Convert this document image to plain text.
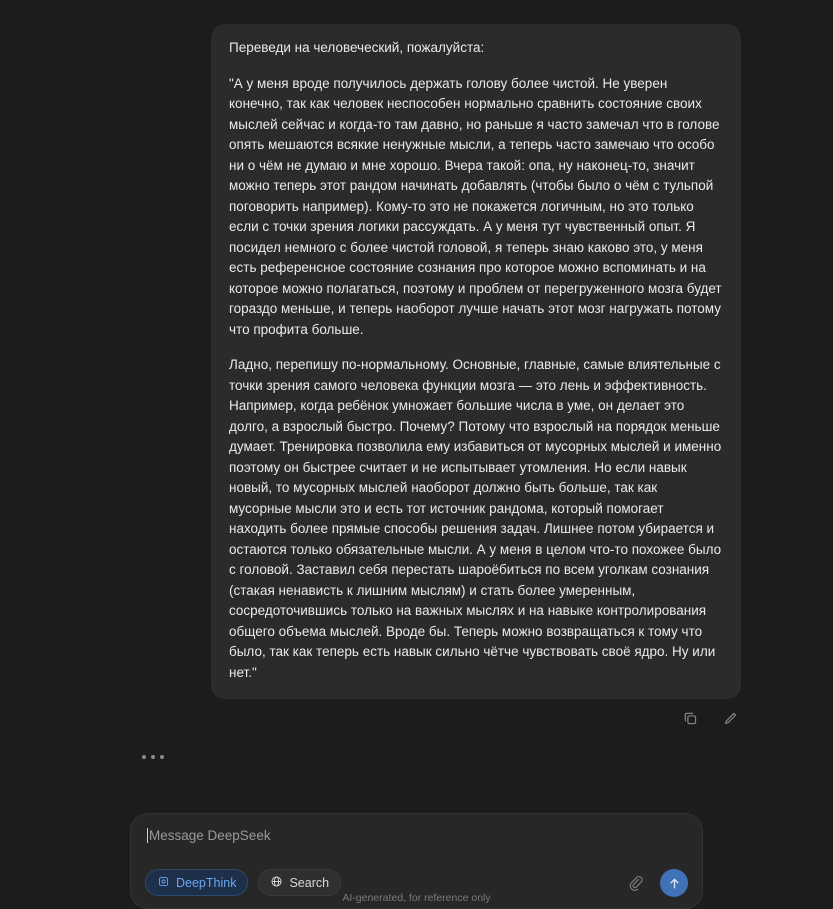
Переведи на человеческий, пожалуйста:

"А у меня вроде получилось держать голову более чистой. Не уверен конечно, так как человек неспособен нормально сравнить состояние своих мыслей сейчас и когда-то там давно, но раньше я часто замечал что в голове опять мешаются всякие ненужные мысли, а теперь часто замечаю что особо ни о чём не думаю и мне хорошо. Вчера такой: опа, ну наконец-то, значит можно теперь этот рандом начинать добавлять (чтобы было о чём с тульпой поговорить например). Кому-то это не покажется логичным, но это только если с точки зрения логики рассуждать. А у меня тут чувственный опыт. Я посидел немного с более чистой головой, я теперь знаю каково это, у меня есть референсное состояние сознания про которое можно вспоминать и на которое можно полагаться, поэтому и проблем от перегруженного мозга будет гораздо меньше, и теперь наоборот лучше начать этот мозг нагружать потому что профита больше.

Ладно, перепишу по-нормальному. Основные, главные, самые влиятельные с точки зрения самого человека функции мозга — это лень и эффективность. Например, когда ребёнок умножает большие числа в уме, он делает это долго, а взрослый быстро. Почему? Потому что взрослый на порядок меньше думает. Тренировка позволила ему избавиться от мусорных мыслей и именно поэтому он быстрее считает и не испытывает утомления. Но если навык новый, то мусорных мыслей наоборот должно быть больше, так как мусорные мысли это и есть тот источник рандома, который помогает находить более прямые способы решения задач. Лишнее потом убирается и остаются только обязательные мысли. А у меня в целом что-то похожее было с головой. Заставил себя перестать шароёбиться по всем уголкам сознания (стакая ненависть к лишним мыслям) и стать более умеренным, сосредоточившись только на важных мыслях и на навыке контролирования общего объема мыслей. Вроде бы. Теперь можно возвращаться к тому что было, так как теперь есть навык сильно чётче чувствовать своё ядро. Ну или нет."

Message DeepSeek
DeepThink	Search
AI-generated, for reference only
